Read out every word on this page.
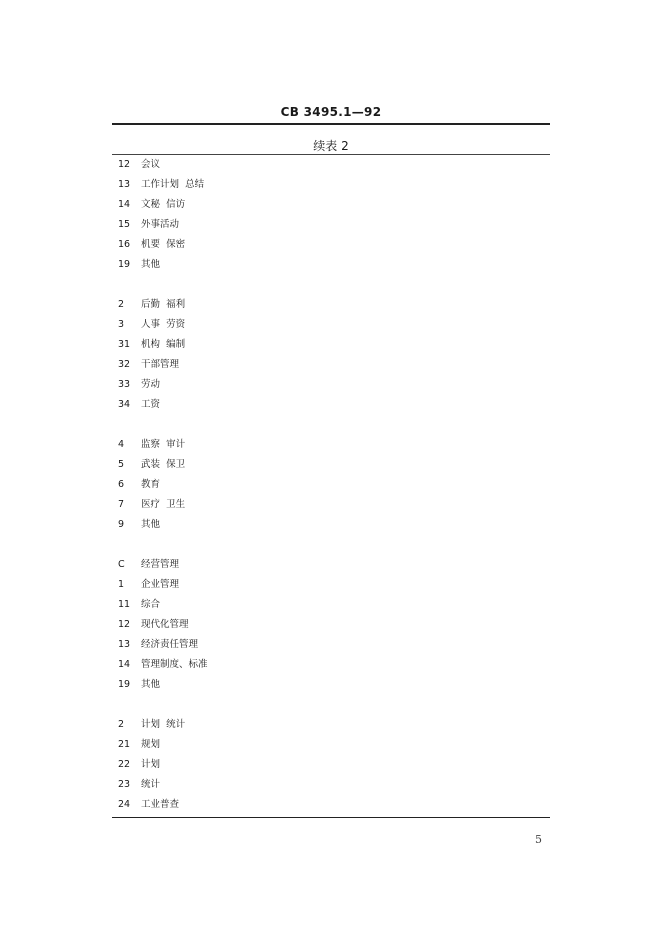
CB 3495.1—92
续表 2
12 会议
13 工作计划  总结
14 文秘  信访
15 外事活动
16 机要  保密
19 其他
2 后勤  福利
3 人事  劳资
31 机构  编制
32 干部管理
33 劳动
34 工资
4 监察  审计
5 武装  保卫
6 教育
7 医疗  卫生
9 其他
C 经营管理
1 企业管理
11 综合
12 现代化管理
13 经济责任管理
14 管理制度、标准
19 其他
2 计划  统计
21 规划
22 计划
23 统计
24 工业普查
5
